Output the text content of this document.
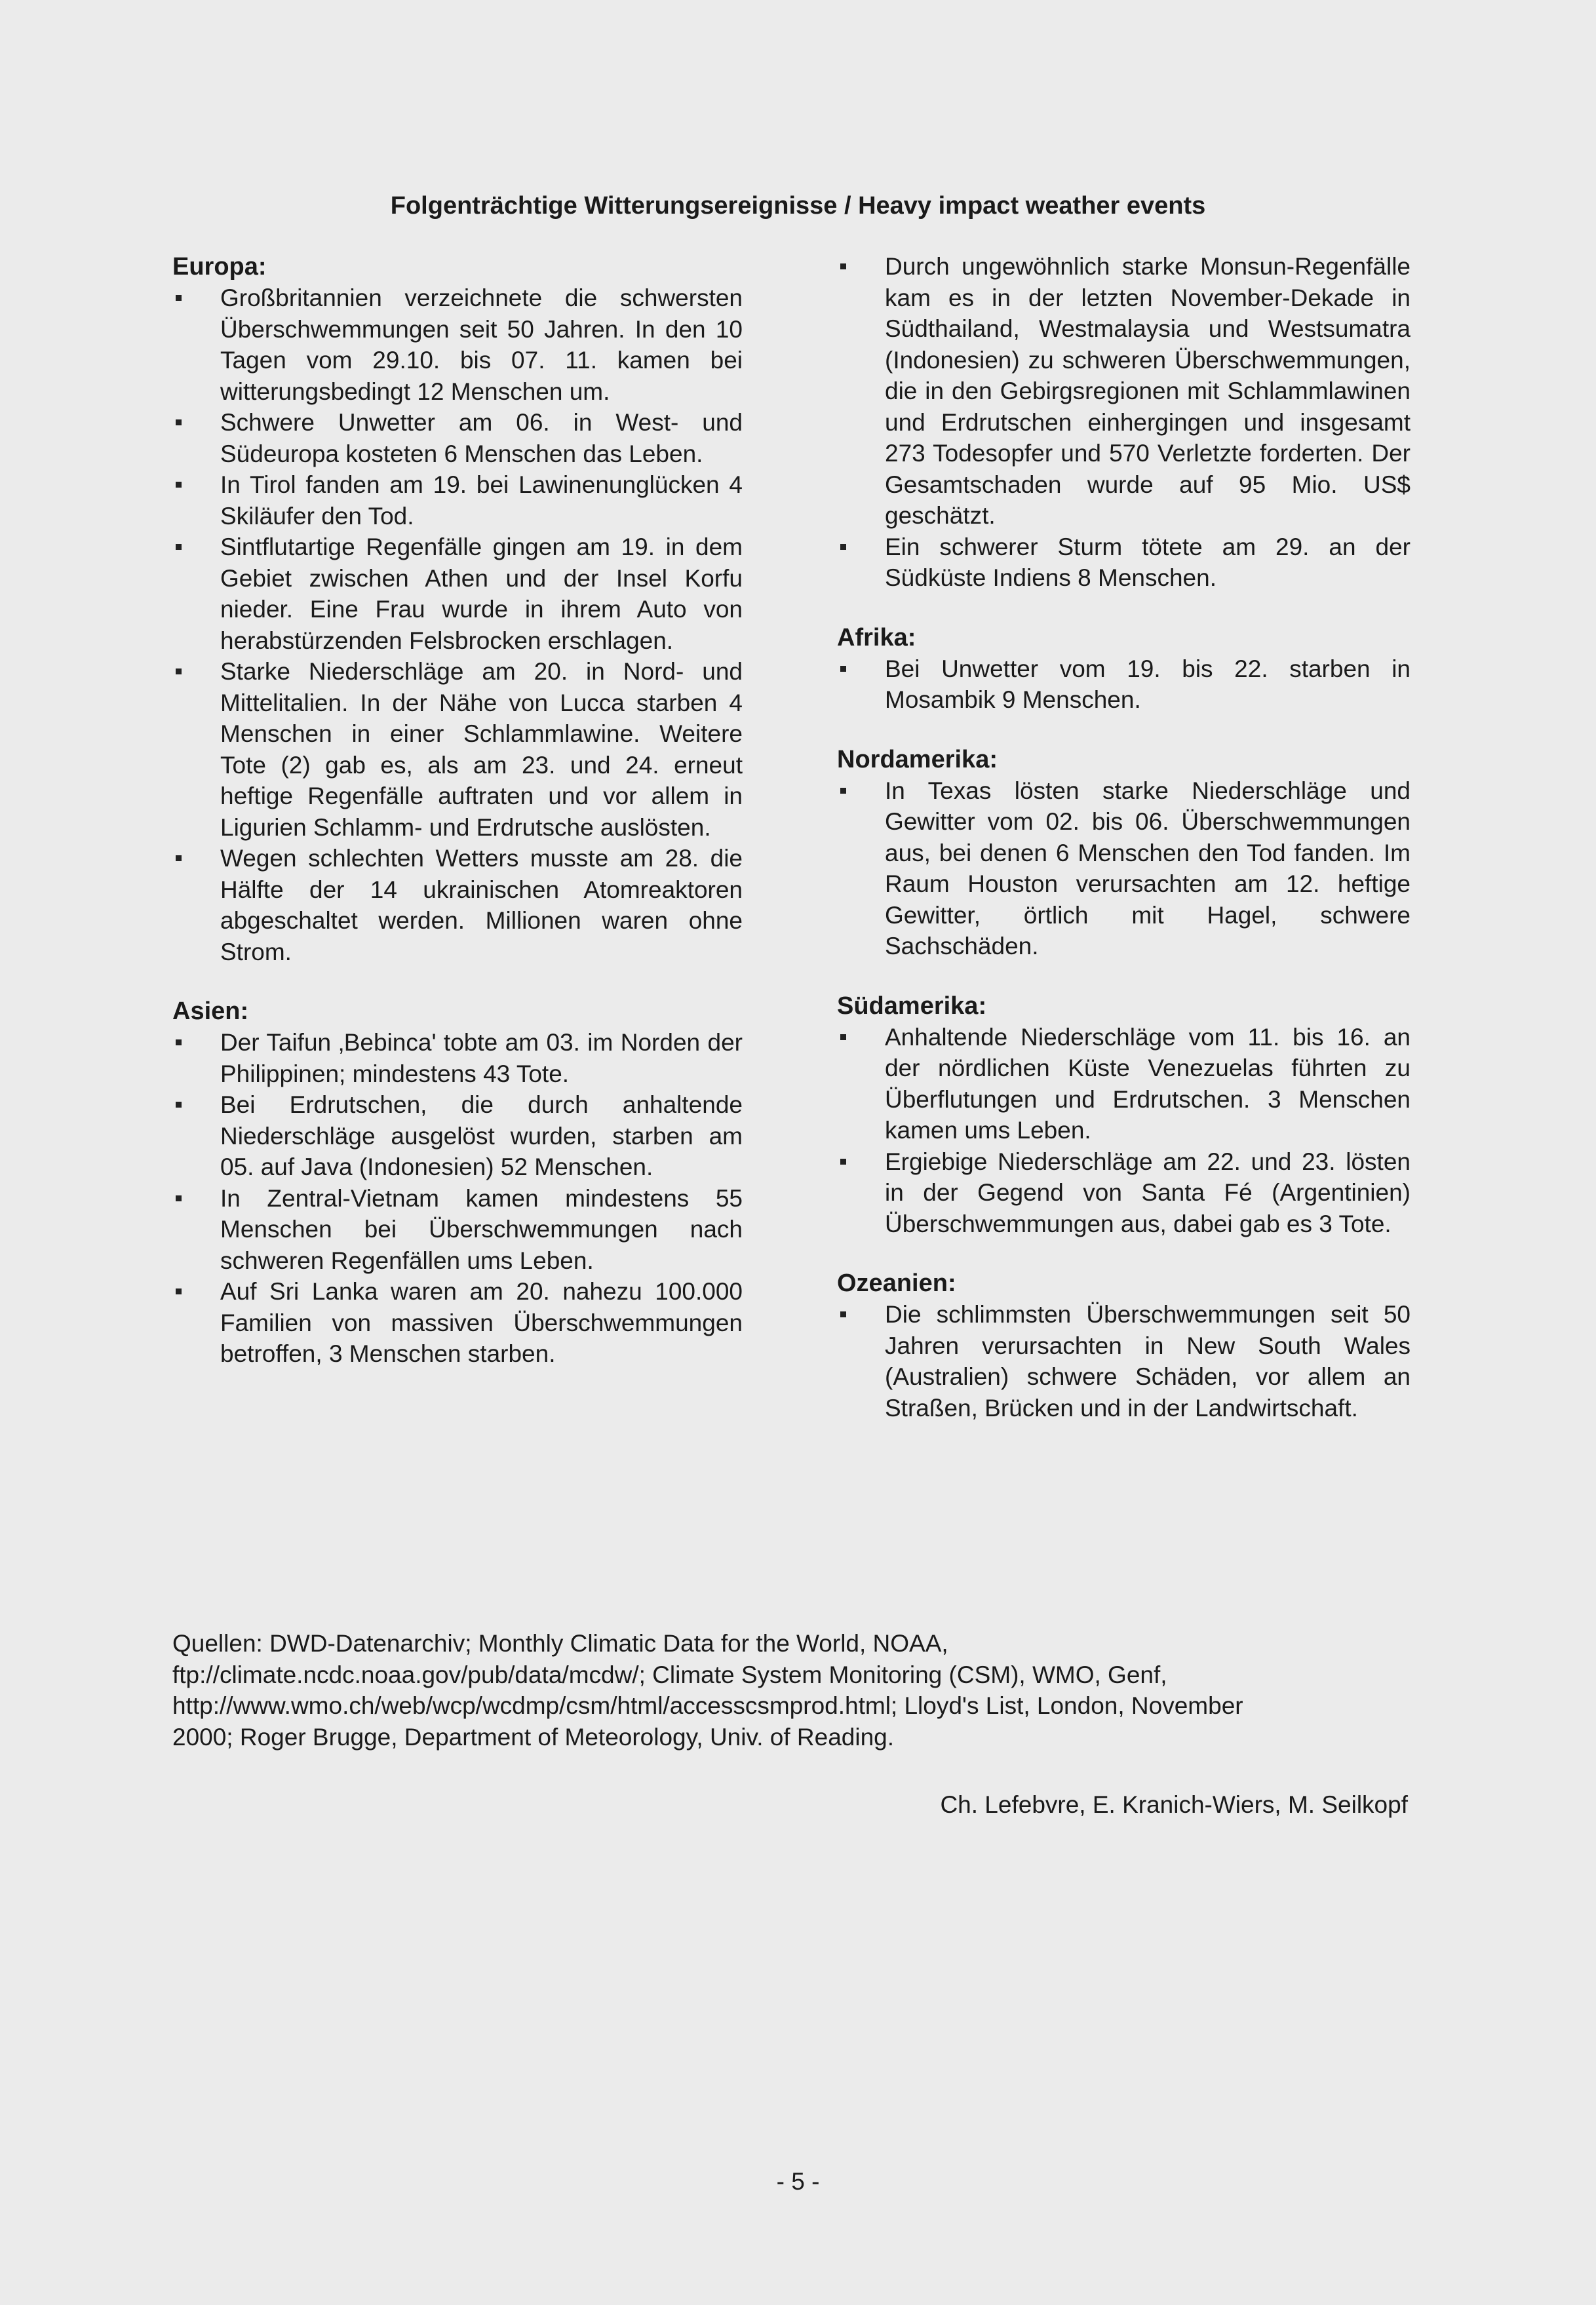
Folgenträchtige Witterungsereignisse / Heavy impact weather events
Europa:
Großbritannien verzeichnete die schwersten Überschwemmungen seit 50 Jahren. In den 10 Tagen vom 29.10. bis 07. 11. kamen bei witterungsbedingt 12 Menschen um.
Schwere Unwetter am 06. in West- und Südeuropa kosteten 6 Menschen das Leben.
In Tirol fanden am 19. bei Lawinenunglücken 4 Skiläufer den Tod.
Sintflutartige Regenfälle gingen am 19. in dem Gebiet zwischen Athen und der Insel Korfu nieder. Eine Frau wurde in ihrem Auto von herabstürzenden Felsbrocken erschlagen.
Starke Niederschläge am 20. in Nord- und Mittelitalien. In der Nähe von Lucca starben 4 Menschen in einer Schlammlawine. Weitere Tote (2) gab es, als am 23. und 24. erneut heftige Regenfälle auftraten und vor allem in Ligurien Schlamm- und Erdrutsche auslösten.
Wegen schlechten Wetters musste am 28. die Hälfte der 14 ukrainischen Atomreaktoren abgeschaltet werden. Millionen waren ohne Strom.
Asien:
Der Taifun ‚Bebinca' tobte am 03. im Norden der Philippinen; mindestens 43 Tote.
Bei Erdrutschen, die durch anhaltende Niederschläge ausgelöst wurden, starben am 05. auf Java (Indonesien) 52 Menschen.
In Zentral-Vietnam kamen mindestens 55 Menschen bei Überschwemmungen nach schweren Regenfällen ums Leben.
Auf Sri Lanka waren am 20. nahezu 100.000 Familien von massiven Überschwemmungen betroffen, 3 Menschen starben.
Durch ungewöhnlich starke Monsun-Regenfälle kam es in der letzten November-Dekade in Südthailand, Westmalaysia und Westsumatra (Indonesien) zu schweren Überschwemmungen, die in den Gebirgsregionen mit Schlammlawinen und Erdrutschen einhergingen und insgesamt 273 Todesopfer und 570 Verletzte forderten. Der Gesamtschaden wurde auf 95 Mio. US$ geschätzt.
Ein schwerer Sturm tötete am 29. an der Südküste Indiens 8 Menschen.
Afrika:
Bei Unwetter vom 19. bis 22. starben in Mosambik 9 Menschen.
Nordamerika:
In Texas lösten starke Niederschläge und Gewitter vom 02. bis 06. Überschwemmungen aus, bei denen 6 Menschen den Tod fanden. Im Raum Houston verursachten am 12. heftige Gewitter, örtlich mit Hagel, schwere Sachschäden.
Südamerika:
Anhaltende Niederschläge vom 11. bis 16. an der nördlichen Küste Venezuelas führten zu Überflutungen und Erdrutschen. 3 Menschen kamen ums Leben.
Ergiebige Niederschläge am 22. und 23. lösten in der Gegend von Santa Fé (Argentinien) Überschwemmungen aus, dabei gab es 3 Tote.
Ozeanien:
Die schlimmsten Überschwemmungen seit 50 Jahren verursachten in New South Wales (Australien) schwere Schäden, vor allem an Straßen, Brücken und in der Landwirtschaft.
Quellen: DWD-Datenarchiv; Monthly Climatic Data for the World, NOAA,
ftp://climate.ncdc.noaa.gov/pub/data/mcdw/; Climate System Monitoring (CSM), WMO, Genf,
http://www.wmo.ch/web/wcp/wcdmp/csm/html/accesscsmprod.html; Lloyd's List, London, November
2000; Roger Brugge, Department of Meteorology, Univ. of Reading.
Ch. Lefebvre, E. Kranich-Wiers, M. Seilkopf
- 5 -
